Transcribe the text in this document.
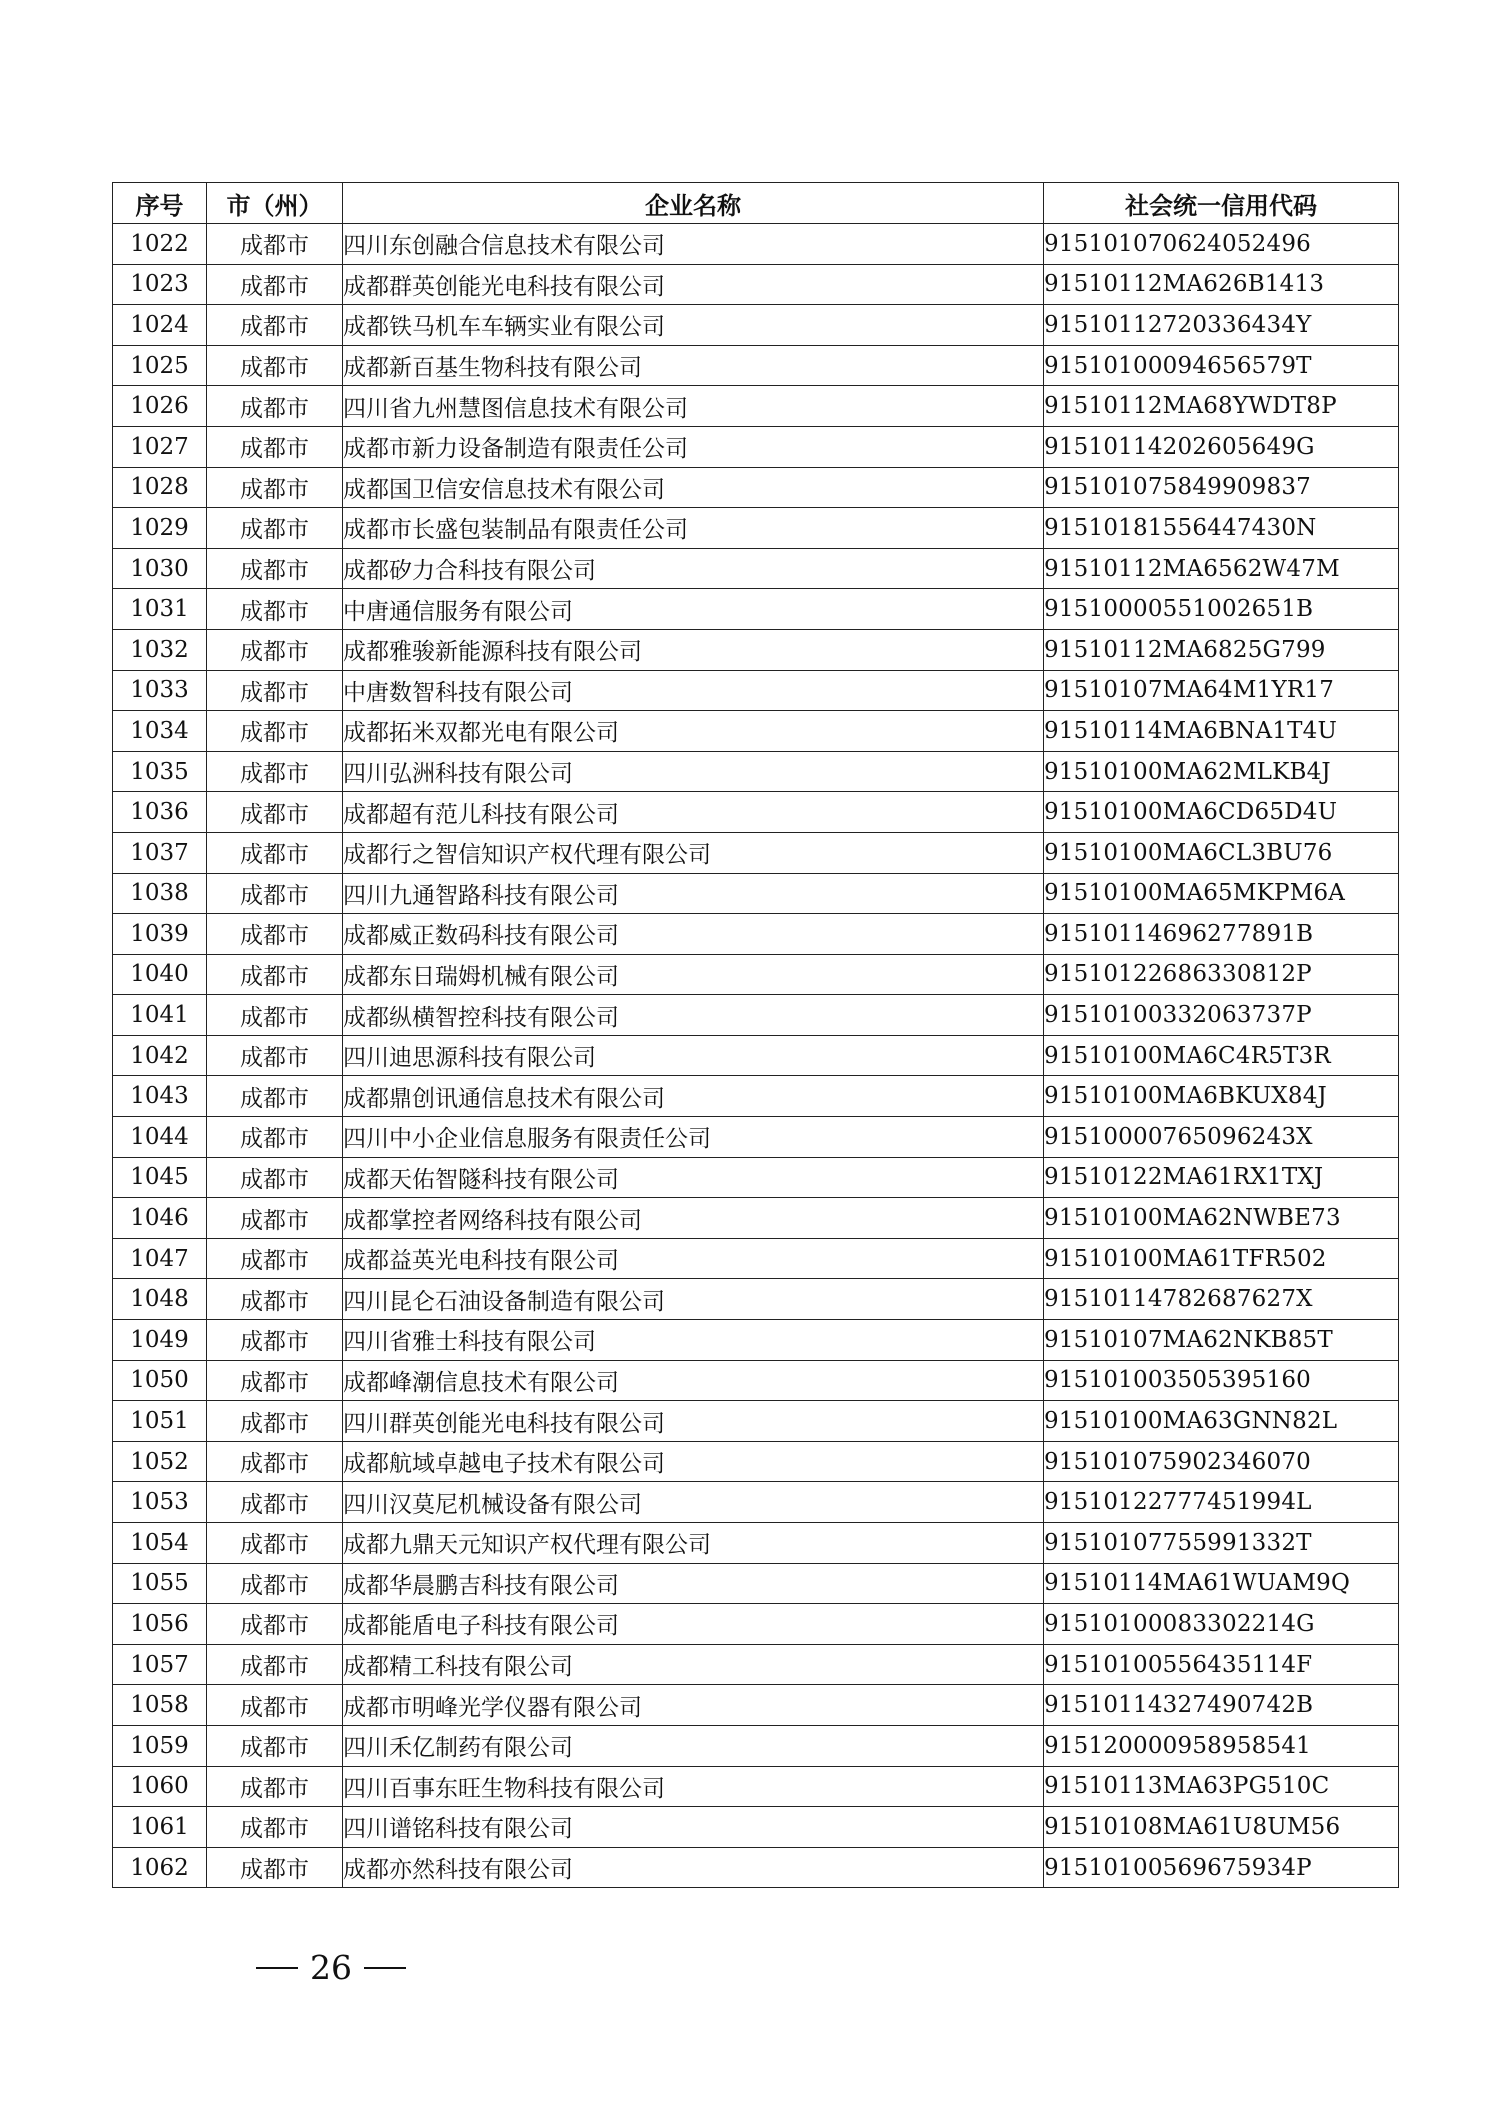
序号	市（州）	企业名称	社会统一信用代码
1022	成都市	四川东创融合信息技术有限公司	915101070624052496
1023	成都市	成都群英创能光电科技有限公司	91510112MA626B1413
1024	成都市	成都铁马机车车辆实业有限公司	915101127203364​34Y
1025	成都市	成都新百基生物科技有限公司	91510100094656579T
1026	成都市	四川省九州慧图信息技术有限公司	91510112MA68YWDT8P
1027	成都市	成都市新力设备制造有限责任公司	91510114202605649G
1028	成都市	成都国卫信安信息技术有限公司	915101075849909837
1029	成都市	成都市长盛包装制品有限责任公司	91510181556447430N
1030	成都市	成都矽力合科技有限公司	91510112MA6562W47M
1031	成都市	中唐通信服务有限公司	91510000551002651B
1032	成都市	成都雅骏新能源科技有限公司	91510112MA6825G799
1033	成都市	中唐数智科技有限公司	91510107MA64M1YR17
1034	成都市	成都拓米双都光电有限公司	91510114MA6BNA1T4U
1035	成都市	四川弘洲科技有限公司	91510100MA62MLKB4J
1036	成都市	成都超有范儿科技有限公司	91510100MA6CD65D4U
1037	成都市	成都行之智信知识产权代理有限公司	91510100MA6CL3BU76
1038	成都市	四川九通智路科技有限公司	91510100MA65MKPM6A
1039	成都市	成都威正数码科技有限公司	91510114696277891B
1040	成都市	成都东日瑞姆机械有限公司	91510122686330812P
1041	成都市	成都纵横智控科技有限公司	91510100332063737P
1042	成都市	四川迪思源科技有限公司	91510100MA6C4R5T3R
1043	成都市	成都鼎创讯通信息技术有限公司	91510100MA6BKUX84J
1044	成都市	四川中小企业信息服务有限责任公司	91510000765096243X
1045	成都市	成都天佑智隧科技有限公司	91510122MA61RX1TXJ
1046	成都市	成都掌控者网络科技有限公司	91510100MA62NWBE73
1047	成都市	成都益英光电科技有限公司	91510100MA61TFR502
1048	成都市	四川昆仑石油设备制造有限公司	91510114782687627X
1049	成都市	四川省雅士科技有限公司	91510107MA62NKB85T
1050	成都市	成都峰潮信息技术有限公司	915101003505395160
1051	成都市	四川群英创能光电科技有限公司	91510100MA63GNN82L
1052	成都市	成都航域卓越电子技术有限公司	915101075902346070
1053	成都市	四川汉莫尼机械设备有限公司	91510122777451994L
1054	成都市	成都九鼎天元知识产权代理有限公司	91510107755991332T
1055	成都市	成都华晨鹏吉科技有限公司	91510114MA61WUAM9Q
1056	成都市	成都能盾电子科技有限公司	91510100083302214G
1057	成都市	成都精工科技有限公司	91510100556435114F
1058	成都市	成都市明峰光学仪器有限公司	91510114327490742B
1059	成都市	四川禾亿制药有限公司	915120000958958541
1060	成都市	四川百事东旺生物科技有限公司	91510113MA63PG510C
1061	成都市	四川谱铭科技有限公司	91510108MA61U8UM56
1062	成都市	成都亦然科技有限公司	91510100569675934P
26
